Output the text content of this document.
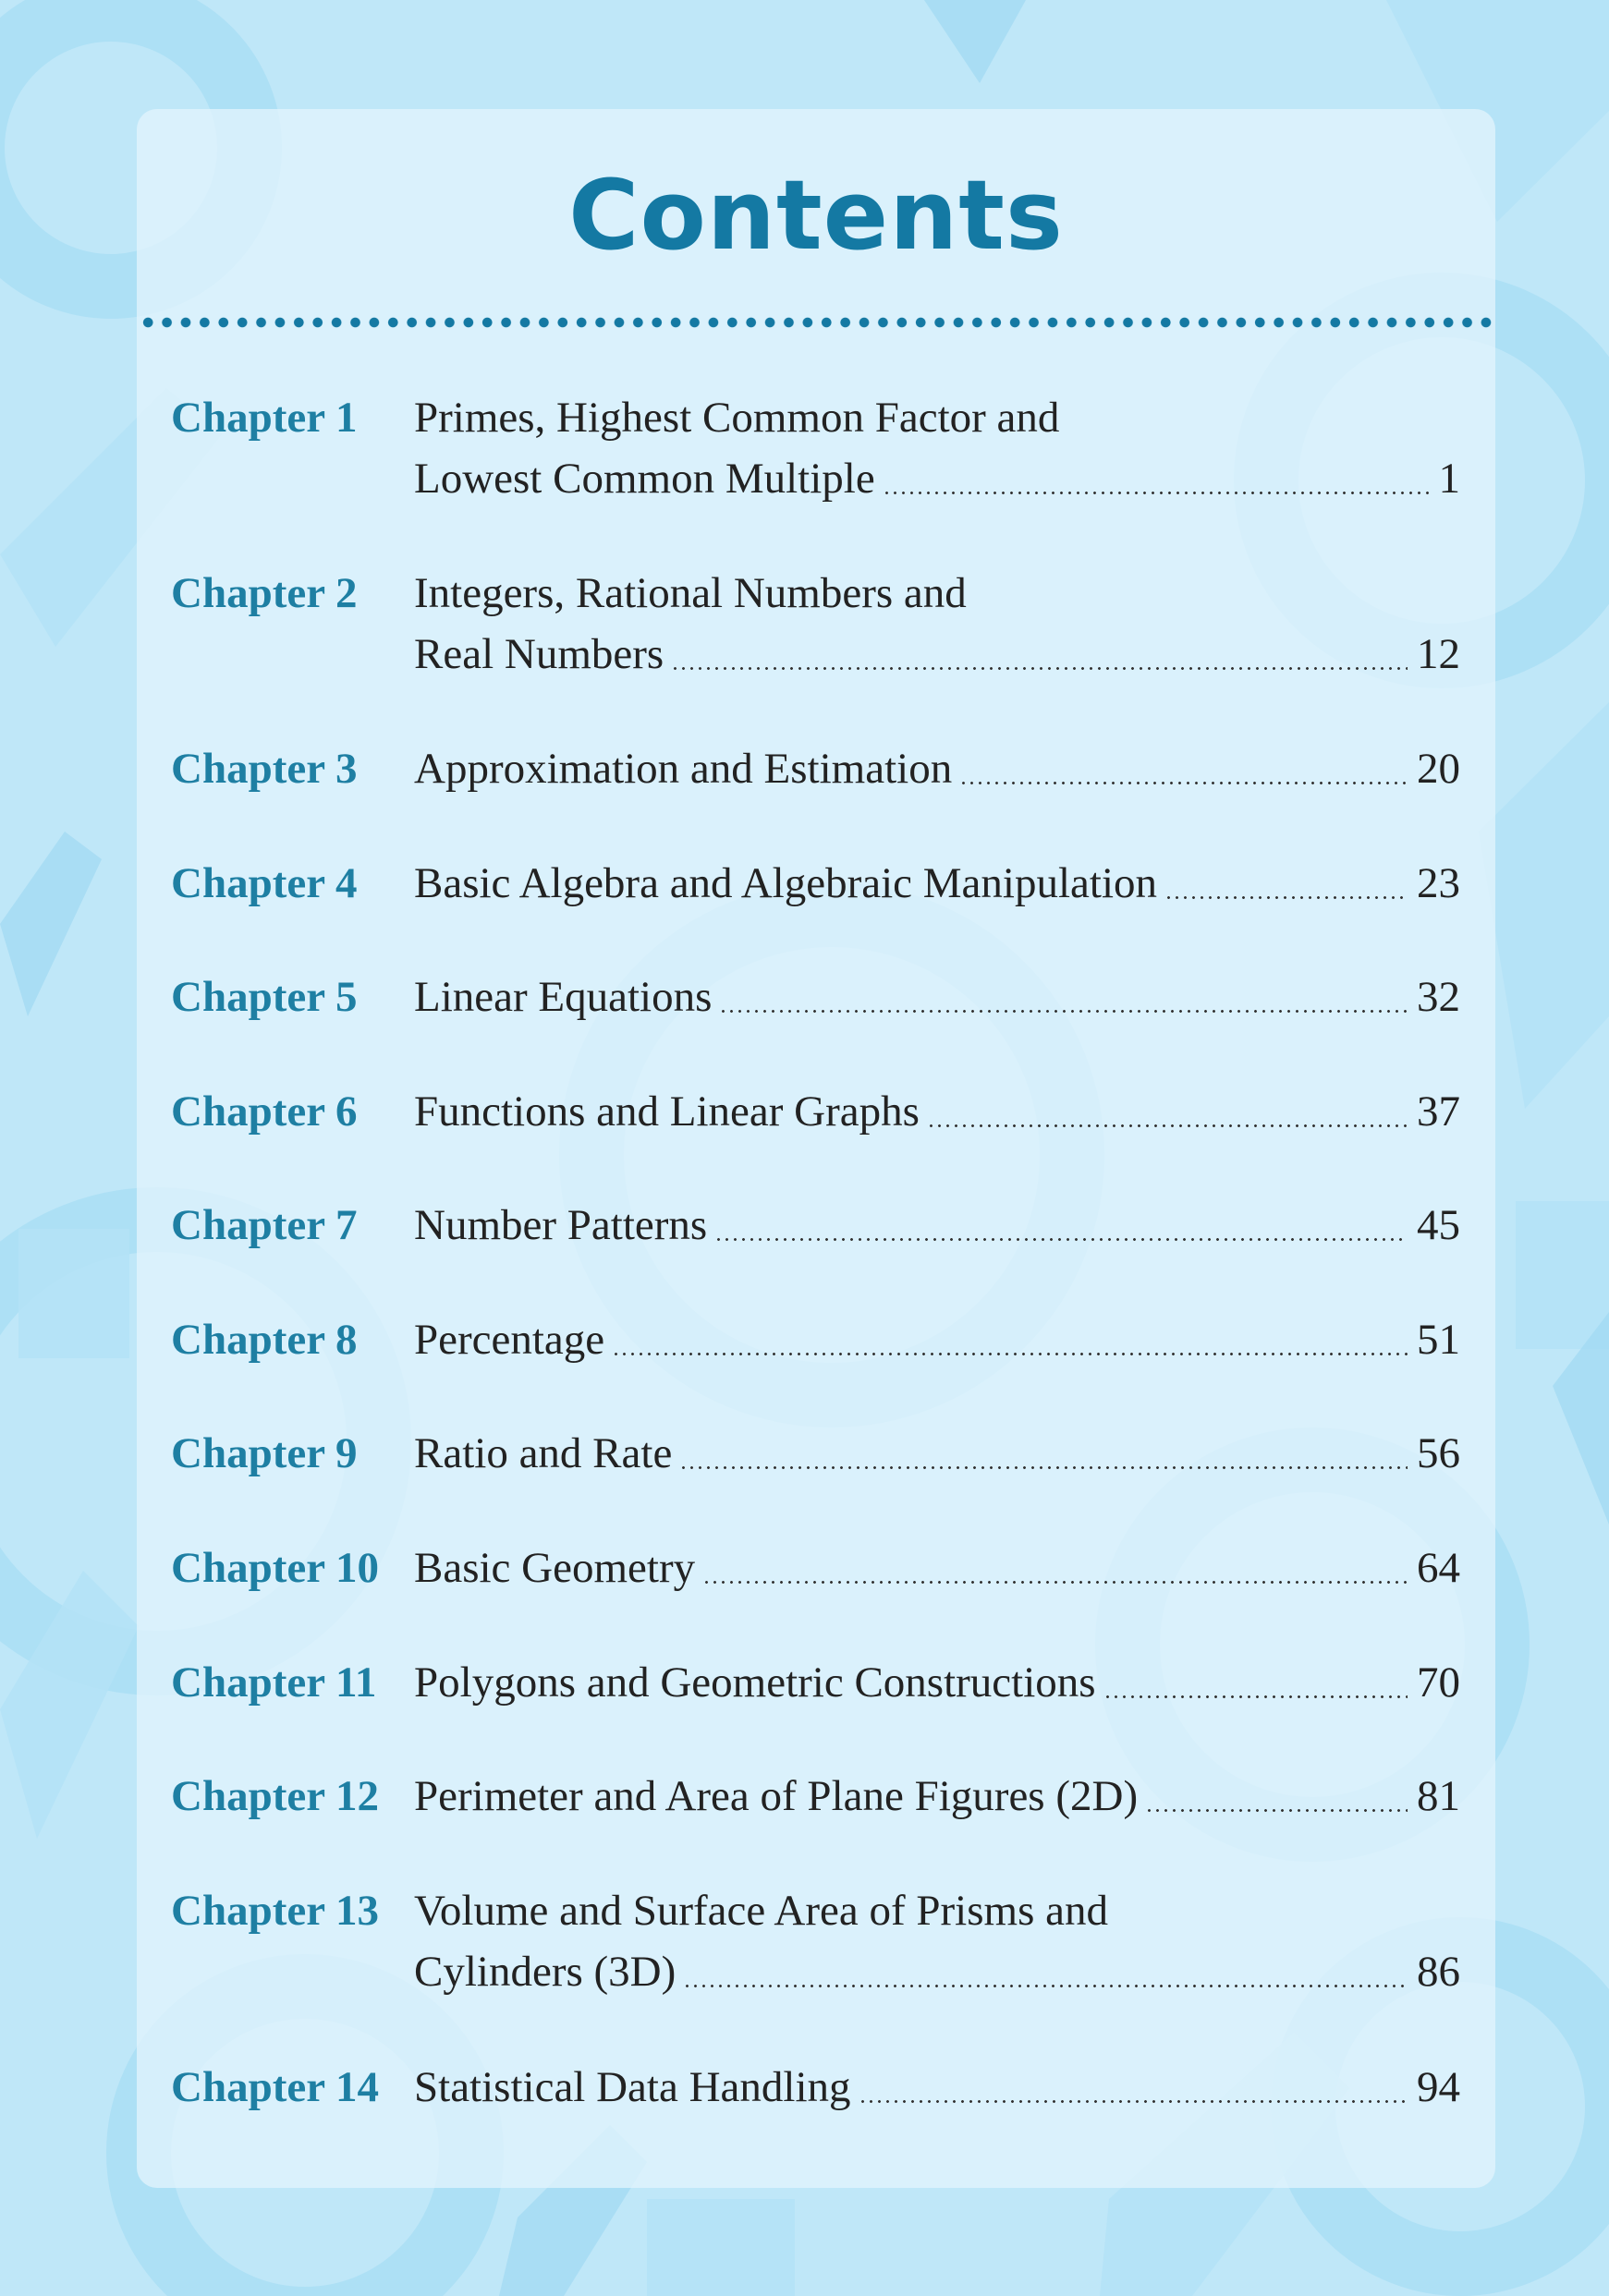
Contents
Chapter 1 Primes, Highest Common Factor and
Lowest Common Multiple	1
Chapter 2 Integers, Rational Numbers and
Real Numbers	12
Chapter 3 Approximation and Estimation	20
Chapter 4 Basic Algebra and Algebraic Manipulation	23
Chapter 5 Linear Equations	32
Chapter 6 Functions and Linear Graphs	37
Chapter 7 Number Patterns	45
Chapter 8 Percentage	51
Chapter 9 Ratio and Rate	56
Chapter 10 Basic Geometry	64
Chapter 11 Polygons and Geometric Constructions	70
Chapter 12 Perimeter and Area of Plane Figures (2D)	81
Chapter 13 Volume and Surface Area of Prisms and
Cylinders (3D)	86
Chapter 14 Statistical Data Handling	94
